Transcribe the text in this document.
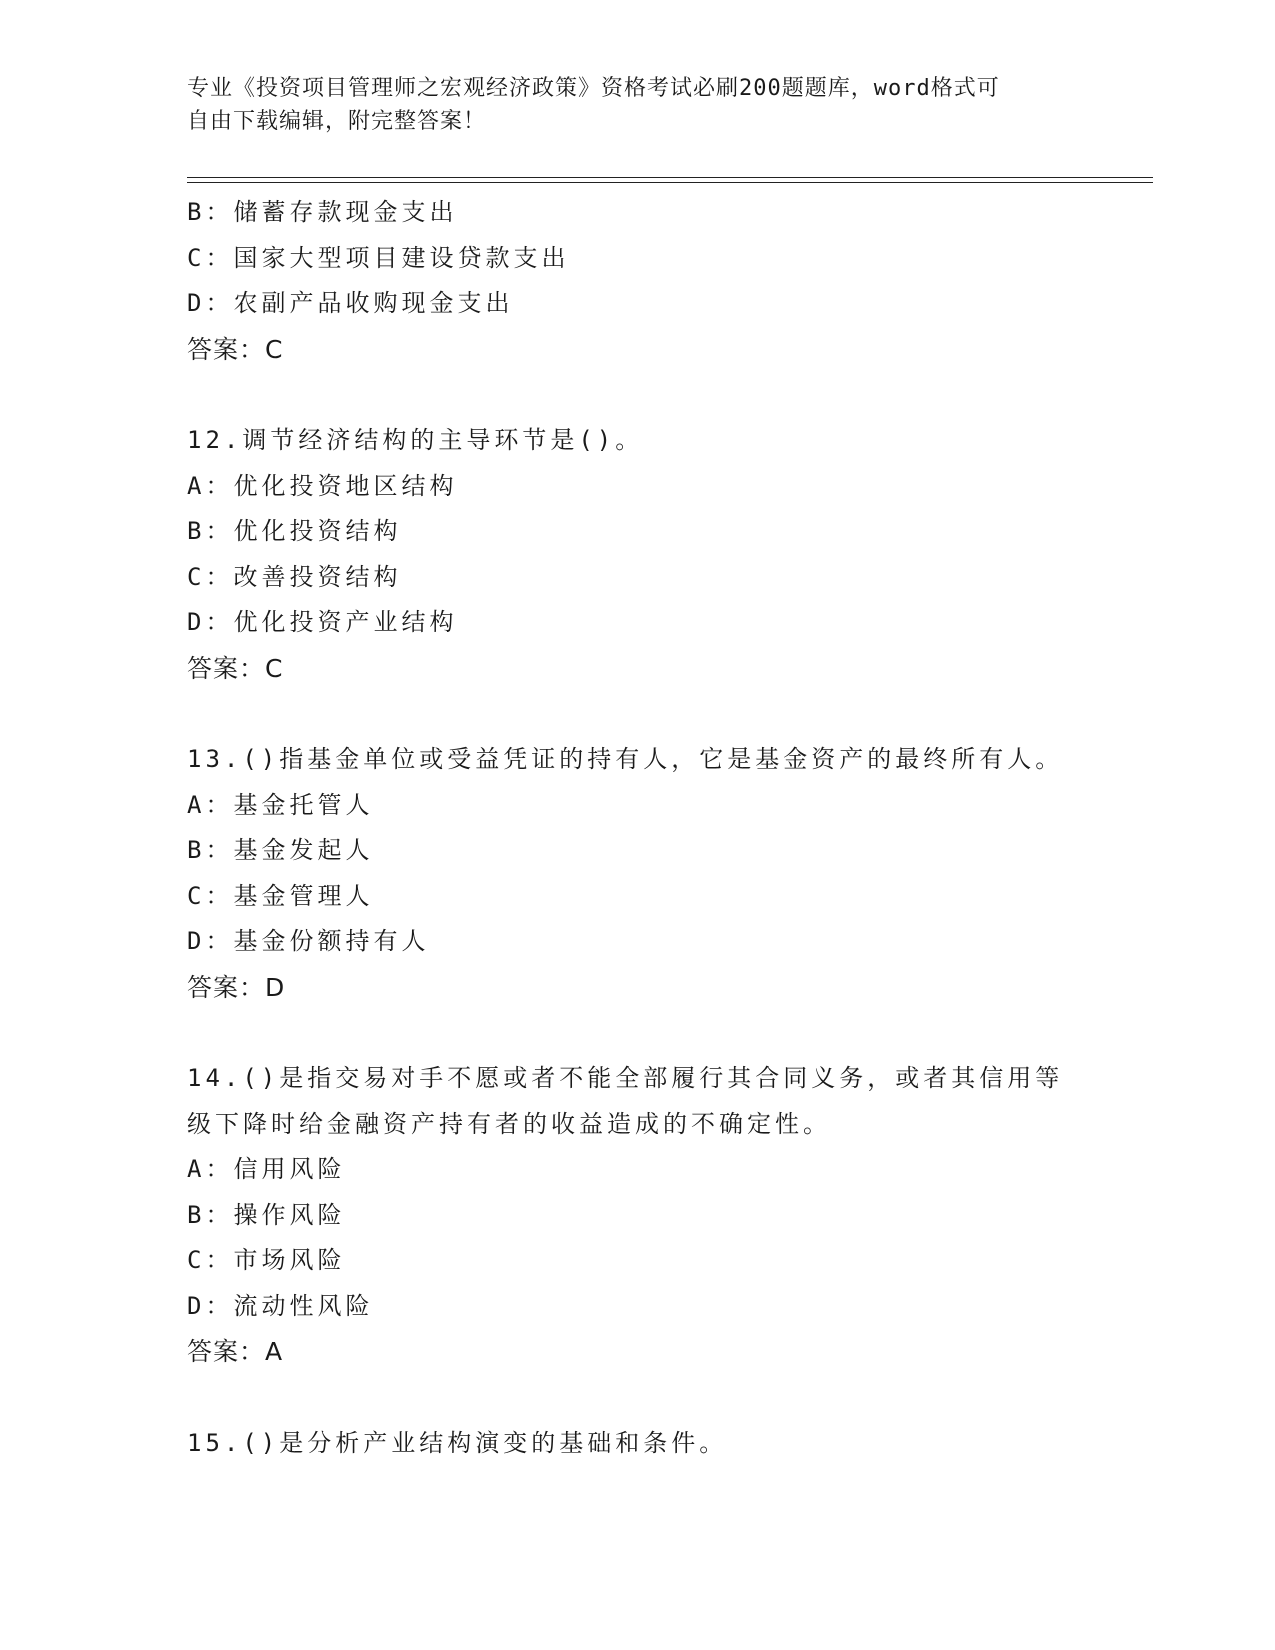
专业《投资项目管理师之宏观经济政策》资格考试必刷200题题库，word格式可
自由下载编辑，附完整答案！
B：储蓄存款现金支出
C：国家大型项目建设贷款支出
D：农副产品收购现金支出
答案：C
12.调节经济结构的主导环节是()。
A：优化投资地区结构
B：优化投资结构
C：改善投资结构
D：优化投资产业结构
答案：C
13.()指基金单位或受益凭证的持有人，它是基金资产的最终所有人。
A：基金托管人
B：基金发起人
C：基金管理人
D：基金份额持有人
答案：D
14.()是指交易对手不愿或者不能全部履行其合同义务，或者其信用等
级下降时给金融资产持有者的收益造成的不确定性。
A：信用风险
B：操作风险
C：市场风险
D：流动性风险
答案：A
15.()是分析产业结构演变的基础和条件。
